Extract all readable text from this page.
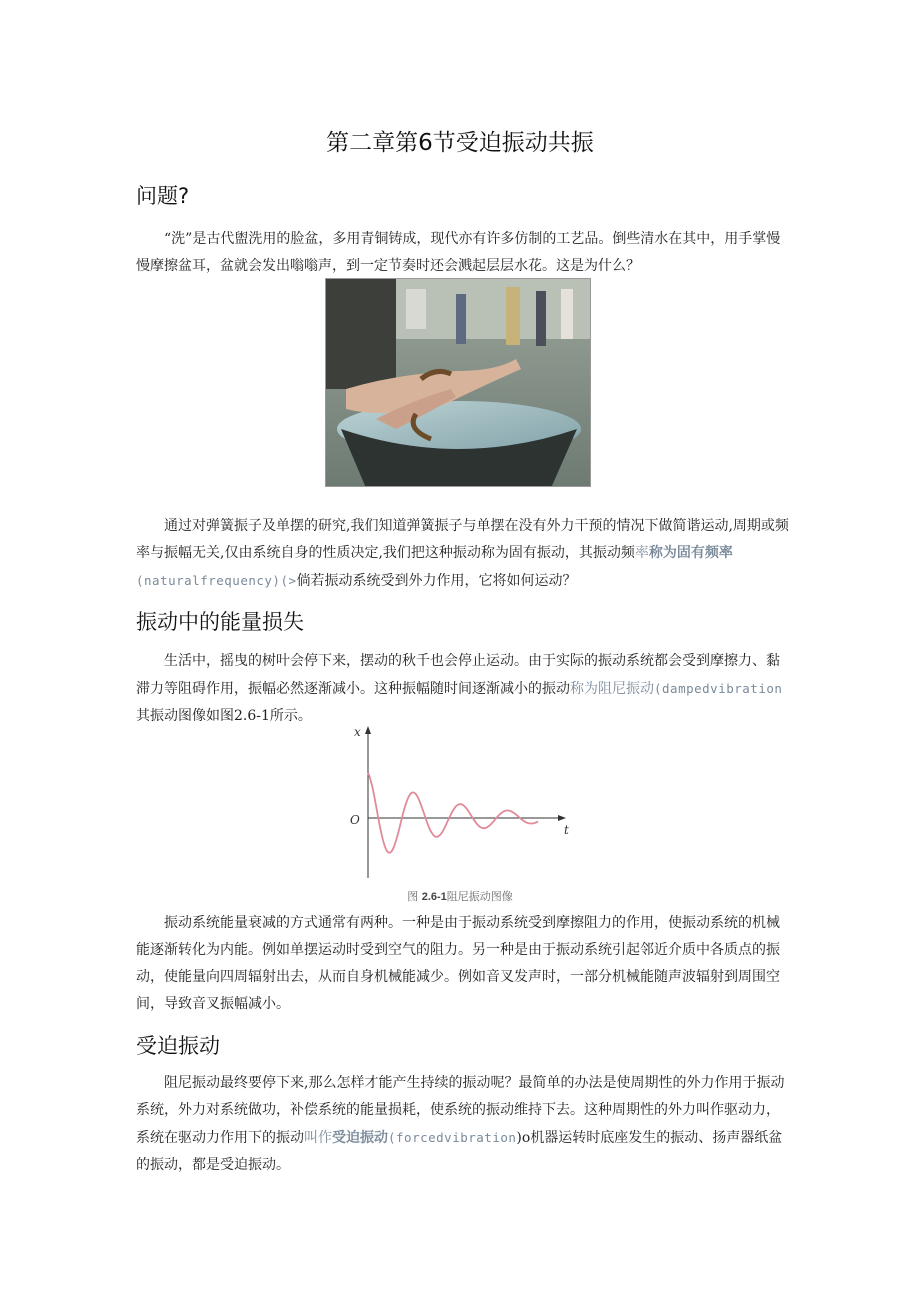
第二章第6节受迫振动共振
问题?

“洗”是古代盥洗用的脸盆，多用青铜铸成，现代亦有许多仿制的工艺品。倒些清水在其中，用手掌慢慢摩擦盆耳，盆就会发出嗡嗡声，到一定节奏时还会溅起层层水花。这是为什么？

通过对弹簧振子及单摆的研究,我们知道弹簧振子与单摆在没有外力干预的情况下做简谐运动,周期或频率与振幅无关,仅由系统自身的性质决定,我们把这种振动称为固有振动，其振动频率称为固有频率(naturalfrequency)(>倘若振动系统受到外力作用，它将如何运动？

振动中的能量损失

生活中，摇曳的树叶会停下来，摆动的秋千也会停止运动。由于实际的振动系统都会受到摩擦力、黏滞力等阻碍作用，振幅必然逐渐减小。这种振幅随时间逐渐减小的振动称为阻尼振动(dampedvibration其振动图像如图2.6-1所示。

x
t
O
图 2.6-1阻尼振动图像

振动系统能量衰减的方式通常有两种。一种是由于振动系统受到摩擦阻力的作用，使振动系统的机械能逐渐转化为内能。例如单摆运动时受到空气的阻力。另一种是由于振动系统引起邻近介质中各质点的振动，使能量向四周辐射出去，从而自身机械能减少。例如音叉发声时，一部分机械能随声波辐射到周围空间，导致音叉振幅减小。

受迫振动

阻尼振动最终要停下来,那么怎样才能产生持续的振动呢？最简单的办法是使周期性的外力作用于振动系统，外力对系统做功，补偿系统的能量损耗，使系统的振动维持下去。这种周期性的外力叫作驱动力，系统在驱动力作用下的振动叫作受迫振动(forcedvibration)o机器运转时底座发生的振动、扬声器纸盆的振动，都是受迫振动。
